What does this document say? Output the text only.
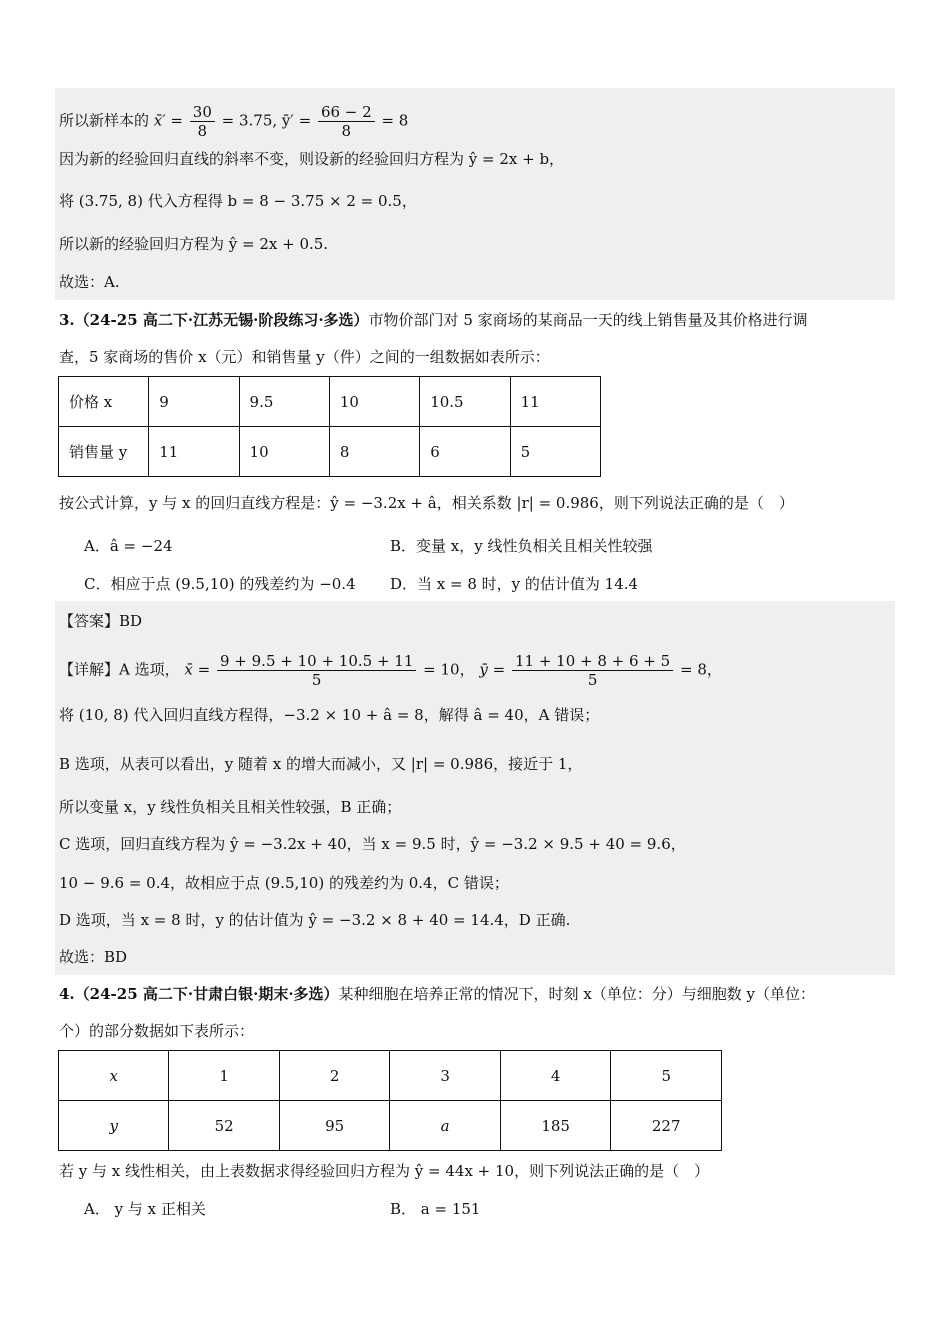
所以新样本的 x̄′ = $\frac{30}{8} = 3.75$, ȳ′ = $\frac{66 - 2}{8} = 8$
因为新的经验回归直线的斜率不变，则设新的经验回归方程为 ŷ = 2x + b，
将 (3.75, 8) 代入方程得 b = 8 − 3.75 × 2 = 0.5，
所以新的经验回归方程为 ŷ = 2x + 0.5.
故选：A.
3.（24-25 高二下·江苏无锡·阶段练习·多选）市物价部门对 5 家商场的某商品一天的线上销售量及其价格进行调
查，5 家商场的售价 x（元）和销售量 y（件）之间的一组数据如表所示：
价格 x	9	9.5	10	10.5	11
销售量 y	11	10	8	6	5
按公式计算，y 与 x 的回归直线方程是：ŷ = −3.2x + â，相关系数 |r| = 0.986，则下列说法正确的是（　）
A．â = −24	B．变量 x，y 线性负相关且相关性较强
C．相应于点 (9.5,10) 的残差约为 −0.4 D．当 x = 8 时，y 的估计值为 14.4
【答案】BD
【详解】A 选项， x̄ = $\frac{9 + 9.5 + 10 + 10.5 + 11}{5} = 10$， ȳ = $\frac{11 + 10 + 8 + 6 + 5}{5} = 8$，
将 (10, 8) 代入回归直线方程得，−3.2 × 10 + â = 8，解得 â = 40，A 错误；
B 选项，从表可以看出，y 随着 x 的增大而减小，又 |r| = 0.986，接近于 1，
所以变量 x，y 线性负相关且相关性较强，B 正确；
C 选项，回归直线方程为 ŷ = −3.2x + 40，当 x = 9.5 时，ŷ = −3.2 × 9.5 + 40 = 9.6，
10 − 9.6 = 0.4，故相应于点 (9.5,10) 的残差约为 0.4，C 错误；
D 选项，当 x = 8 时，y 的估计值为 ŷ = −3.2 × 8 + 40 = 14.4，D 正确.
故选：BD
4.（24-25 高二下·甘肃白银·期末·多选）某种细胞在培养正常的情况下，时刻 x（单位：分）与细胞数 y（单位：
个）的部分数据如下表所示：
x	1	2	3	4	5
y	52	95	a	185	227
若 y 与 x 线性相关，由上表数据求得经验回归方程为 ŷ = 44x + 10，则下列说法正确的是（　）
A． y 与 x 正相关	B． a = 151
